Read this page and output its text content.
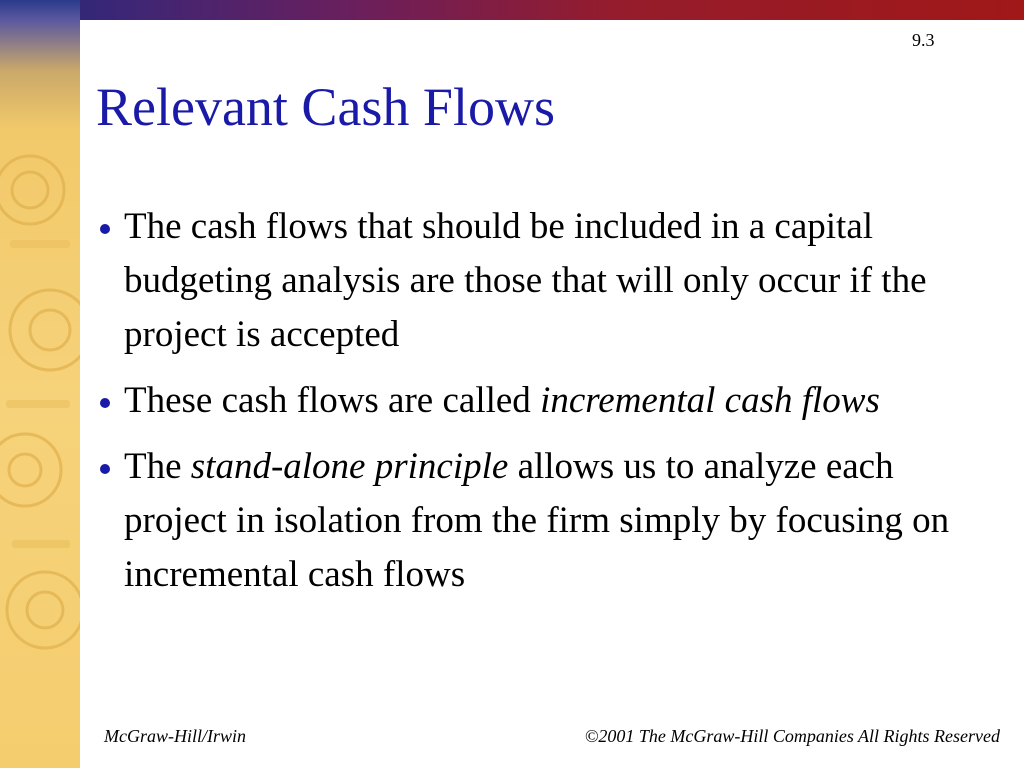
9.3
Relevant Cash Flows
The cash flows that should be included in a capital budgeting analysis are those that will only occur if the project is accepted
These cash flows are called incremental cash flows
The stand-alone principle allows us to analyze each project in isolation from the firm simply by focusing on incremental cash flows
McGraw-Hill/Irwin	©2001 The McGraw-Hill Companies All Rights Reserved
